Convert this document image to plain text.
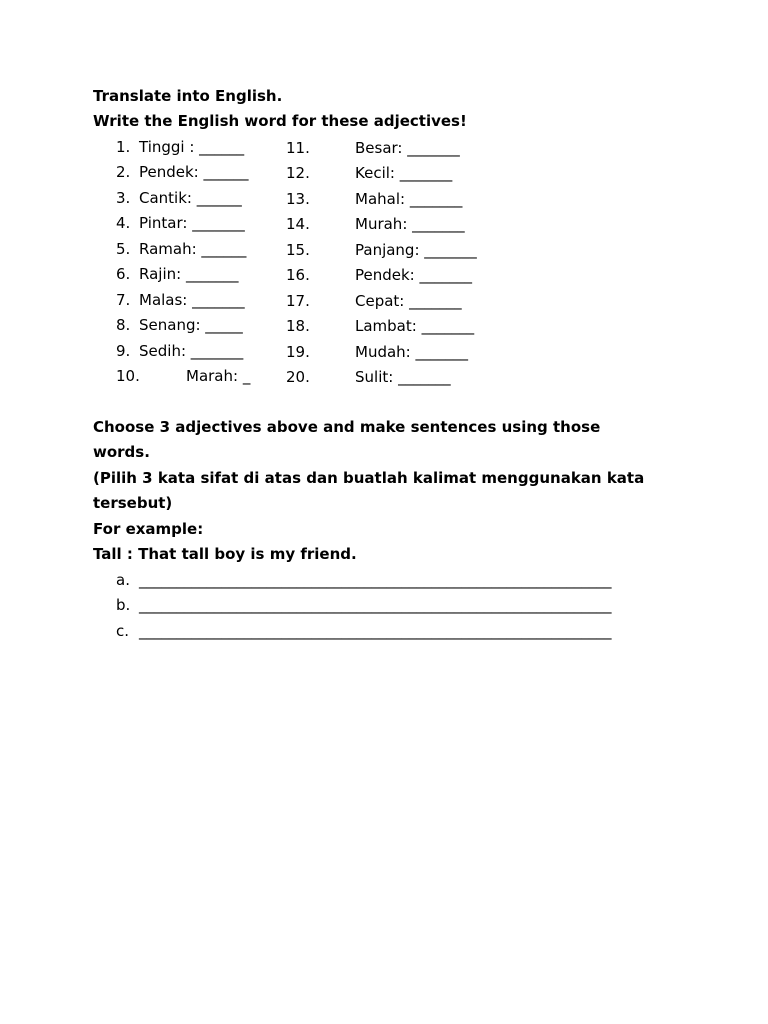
Translate into English.
Write the English word for these adjectives!
1. Tinggi : ______
2. Pendek: ______
3. Cantik: ______
4. Pintar: _______
5. Ramah: ______
6. Rajin: _______
7. Malas: _______
8. Senang: _____
9. Sedih: _______
10.	Marah: _
11.	Besar: _______
12.	Kecil: _______
13.	Mahal: _______
14.	Murah: _______
15.	Panjang: _______
16.	Pendek: _______
17.	Cepat: _______
18.	Lambat: _______
19.	Mudah: _______
20.	Sulit: _______
Choose 3 adjectives above and make sentences using those
words.
(Pilih 3 kata sifat di atas dan buatlah kalimat menggunakan kata
tersebut)
For example:
Tall : That tall boy is my friend.
a. _______________________________________________________________
b. _______________________________________________________________
c. _______________________________________________________________
